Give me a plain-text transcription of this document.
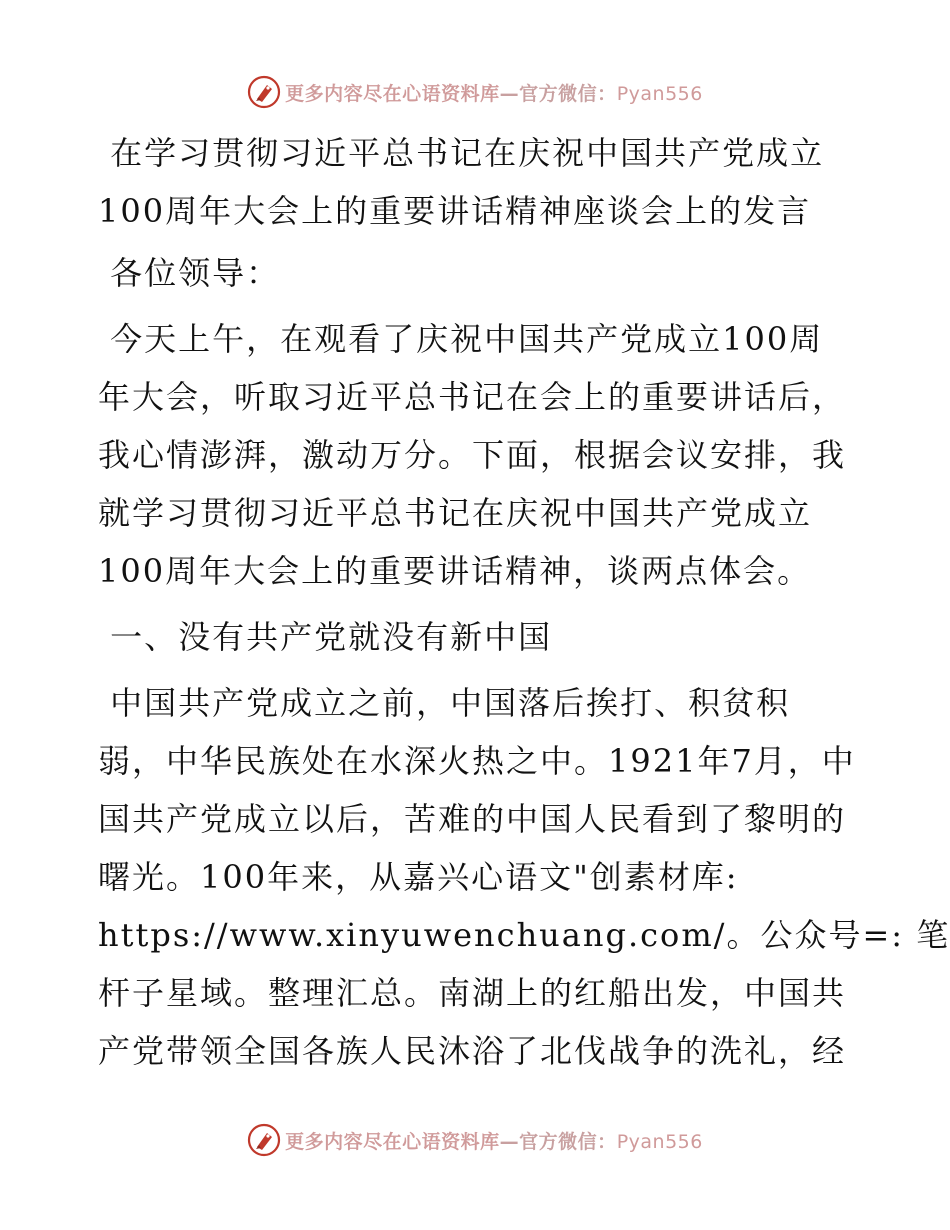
更多内容尽在心语资料库—官方微信：Pyan556
在学习贯彻习近平总书记在庆祝中国共产党成立
100周年大会上的重要讲话精神座谈会上的发言
各位领导：
今天上午，在观看了庆祝中国共产党成立100周
年大会，听取习近平总书记在会上的重要讲话后，
我心情澎湃，激动万分。下面，根据会议安排，我
就学习贯彻习近平总书记在庆祝中国共产党成立
100周年大会上的重要讲话精神，谈两点体会。
一、没有共产党就没有新中国
中国共产党成立之前，中国落后挨打、积贫积
弱，中华民族处在水深火热之中。1921年7月，中
国共产党成立以后，苦难的中国人民看到了黎明的
曙光。100年来，从嘉兴心语文"创素材库:
https://www.xinyuwenchuang.com/。公众号=: 笔
杆子星域。整理汇总。南湖上的红船出发，中国共
产党带领全国各族人民沐浴了北伐战争的洗礼，经
更多内容尽在心语资料库—官方微信：Pyan556
